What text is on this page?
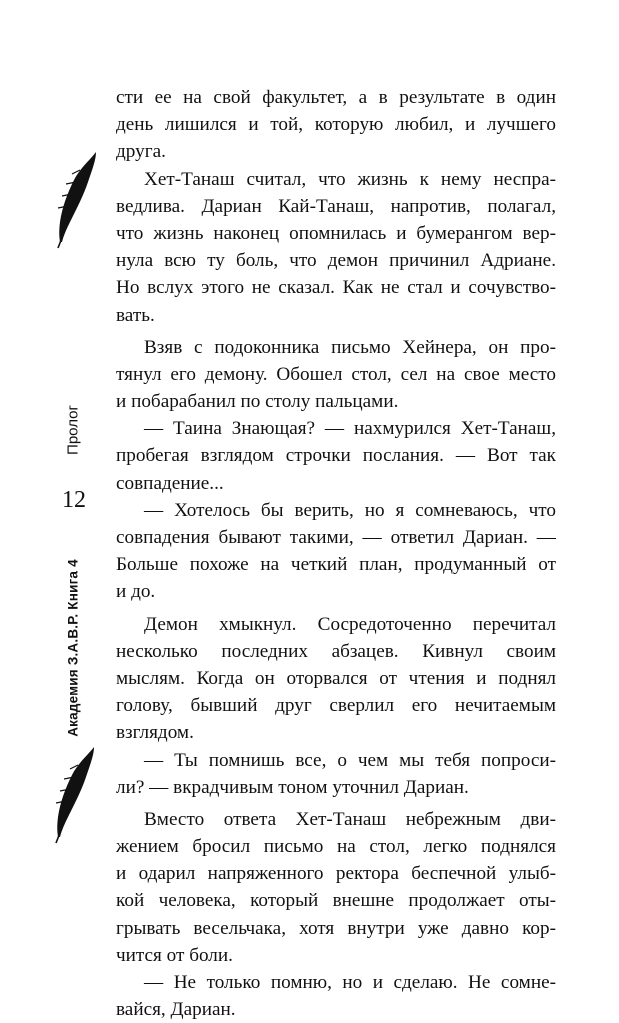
Пролог
12
Академия З.А.В.Р. Книга 4
сти ее на свой факультет, а в результате в один
день лишился и той, которую любил, и лучшего
друга.
Хет-Танаш считал, что жизнь к нему неспра-
ведлива. Дариан Кай-Танаш, напротив, полагал,
что жизнь наконец опомнилась и бумерангом вер-
нула всю ту боль, что демон причинил Адриане.
Но вслух этого не сказал. Как не стал и сочувство-
вать.
Взяв с подоконника письмо Хейнера, он про-
тянул его демону. Обошел стол, сел на свое место
и побарабанил по столу пальцами.
— Таина Знающая? — нахмурился Хет-Танаш,
пробегая взглядом строчки послания. — Вот так
совпадение...
— Хотелось бы верить, но я сомневаюсь, что
совпадения бывают такими, — ответил Дариан. —
Больше похоже на четкий план, продуманный от
и до.
Демон хмыкнул. Сосредоточенно перечитал
несколько последних абзацев. Кивнул своим
мыслям. Когда он оторвался от чтения и поднял
голову, бывший друг сверлил его нечитаемым
взглядом.
— Ты помнишь все, о чем мы тебя попроси-
ли? — вкрадчивым тоном уточнил Дариан.
Вместо ответа Хет-Танаш небрежным дви-
жением бросил письмо на стол, легко поднялся
и одарил напряженного ректора беспечной улыб-
кой человека, который внешне продолжает оты-
грывать весельчака, хотя внутри уже давно кор-
чится от боли.
— Не только помню, но и сделаю. Не сомне-
вайся, Дариан.
